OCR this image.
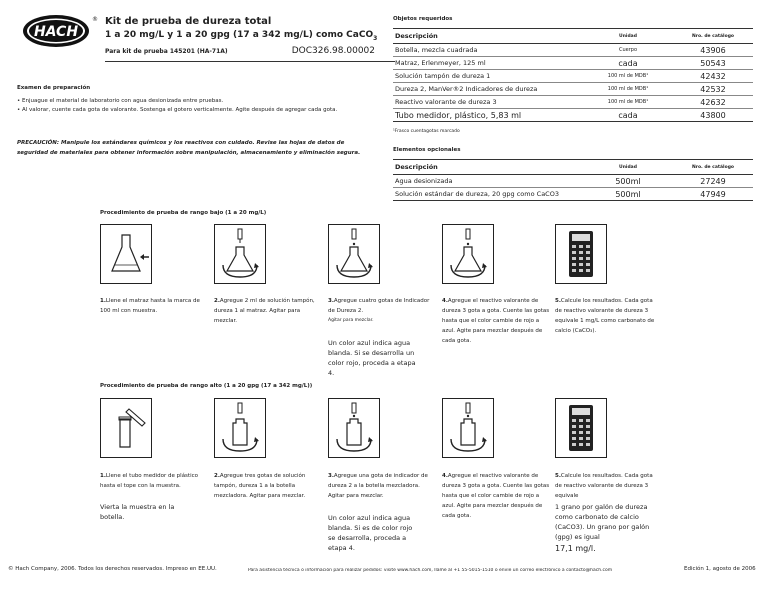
HACH
® Kit de prueba de dureza total
1 a 20 mg/L y 1 a 20 gpg (17 a 342 mg/L) como CaCO$_3$
Para kit de prueba 145201 (HA-71A)	DOC326.98.00002
Examen de preparación
• Enjuague el material de laboratorio con agua desionizada entre pruebas.
• Al valorar, cuente cada gota de valorante. Sostenga el gotero verticalmente. Agite después de agregar cada gota.
PRECAUCIÓN: Manipule los estándares químicos y los reactivos con cuidado. Revise las hojas de datos de seguridad de materiales para obtener información sobre manipulación, almacenamiento y eliminación segura.
Objetos requeridos
Descripción	Unidad	Nro. de catálogo
Botella, mezcla cuadrada	Cuerpo	43906
Matraz, Erlenmeyer, 125 ml	cada	50543
Solución tampón de dureza 1	100 ml de MDB¹	42432
Dureza 2, ManVer®2 Indicadores de dureza	100 ml de MDB¹	42532
Reactivo valorante de dureza 3	100 ml de MDB¹	42632
Tubo medidor, plástico, 5,83 ml	cada	43800
¹Frasco cuentagotas marcado
Elementos opcionales
Descripción	Unidad	Nro. de catálogo
Agua desionizada	500ml	27249
Solución estándar de dureza, 20 gpg como CaCO3	500ml	47949
Procedimiento de prueba de rango bajo (1 a 20 mg/L)
1.Llene el matraz hasta la marca de 100 ml con muestra.
2.Agregue 2 ml de solución tampón, dureza 1 al matraz. Agitar para mezclar.
3.Agregue cuatro gotas de Indicador de Dureza 2.
Agitar para mezclar.
4.Agregue el reactivo valorante de dureza 3 gota a gota. Cuente las gotas hasta que el color cambie de rojo a azul. Agite para mezclar después de cada gota.
5.Calcule los resultados. Cada gota de reactivo valorante de dureza 3 equivale 1 mg/L como carbonato de calcio (CaCO₃).
Un color azul indica agua blanda. Si se desarrolla un color rojo, proceda a etapa 4.
Procedimiento de prueba de rango alto (1 a 20 gpg (17 a 342 mg/L))
1.Llene el tubo medidor de plástico hasta el tope con la muestra.
2.Agregue tres gotas de solución tampón, dureza 1 a la botella mezcladora. Agitar para mezclar.
3.Agregue una gota de indicador de dureza 2 a la botella mezcladora. Agitar para mezclar.
4.Agregue el reactivo valorante de dureza 3 gota a gota. Cuente las gotas hasta que el color cambie de rojo a azul. Agite para mezclar después de cada gota.
5.Calcule los resultados. Cada gota de reactivo valorante de dureza 3 equivale
Vierta la muestra en la botella.	Un color azul indica agua blanda. Si es de color rojo se desarrolla, proceda a etapa 4.
1 grano por galón de dureza como carbonato de calcio (CaCO3). Un grano por galón (gpg) es igual
17,1 mg/l.
© Hach Company, 2006. Todos los derechos reservados. Impreso en EE.UU.	Para asistencia técnica o información para realizar pedidos: visite www.hach.com, llame al +1 55-5015-1510 o envíe un correo electrónico a contacto@hach.com	Edición 1, agosto de 2006
